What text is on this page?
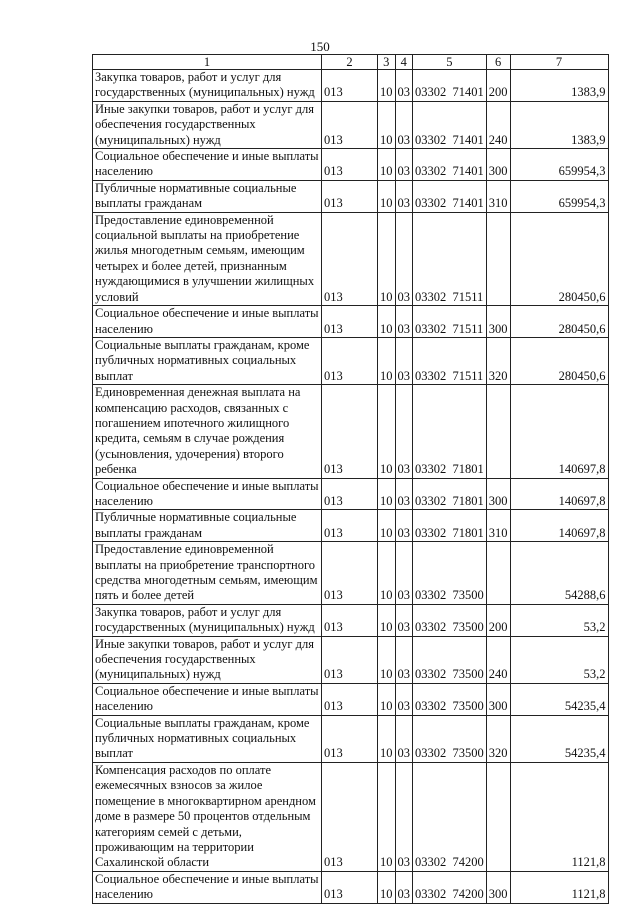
150
1	2	3	4	5	6	7
Закупка товаров, работ и услуг для государственных (муниципальных) нужд	013	10	03	03302  71401	200	1383,9
Иные закупки товаров, работ и услуг для обеспечения государственных (муниципальных) нужд	013	10	03	03302  71401	240	1383,9
Социальное обеспечение и иные выплаты населению	013	10	03	03302  71401	300	659954,3
Публичные нормативные социальные выплаты гражданам	013	10	03	03302  71401	310	659954,3
Предоставление единовременной социальной выплаты на приобретение жилья многодетным семьям, имеющим четырех и более детей, признанным нуждающимися в улучшении жилищных условий	013	10	03	03302  71511		280450,6
Социальное обеспечение и иные выплаты населению	013	10	03	03302  71511	300	280450,6
Социальные выплаты гражданам, кроме публичных нормативных социальных выплат	013	10	03	03302  71511	320	280450,6
Единовременная денежная выплата на компенсацию расходов, связанных с погашением ипотечного жилищного кредита, семьям в случае рождения (усыновления, удочерения) второго ребенка	013	10	03	03302  71801		140697,8
Социальное обеспечение и иные выплаты населению	013	10	03	03302  71801	300	140697,8
Публичные нормативные социальные выплаты гражданам	013	10	03	03302  71801	310	140697,8
Предоставление единовременной выплаты на приобретение транспортного средства многодетным семьям, имеющим пять и более детей	013	10	03	03302  73500		54288,6
Закупка товаров, работ и услуг для государственных (муниципальных) нужд	013	10	03	03302  73500	200	53,2
Иные закупки товаров, работ и услуг для обеспечения государственных (муниципальных) нужд	013	10	03	03302  73500	240	53,2
Социальное обеспечение и иные выплаты населению	013	10	03	03302  73500	300	54235,4
Социальные выплаты гражданам, кроме публичных нормативных социальных выплат	013	10	03	03302  73500	320	54235,4
Компенсация расходов по оплате ежемесячных взносов за жилое помещение в многоквартирном арендном доме в размере 50 процентов отдельным категориям семей с детьми, проживающим на территории Сахалинской области	013	10	03	03302  74200		1121,8
Социальное обеспечение и иные выплаты населению	013	10	03	03302  74200	300	1121,8
